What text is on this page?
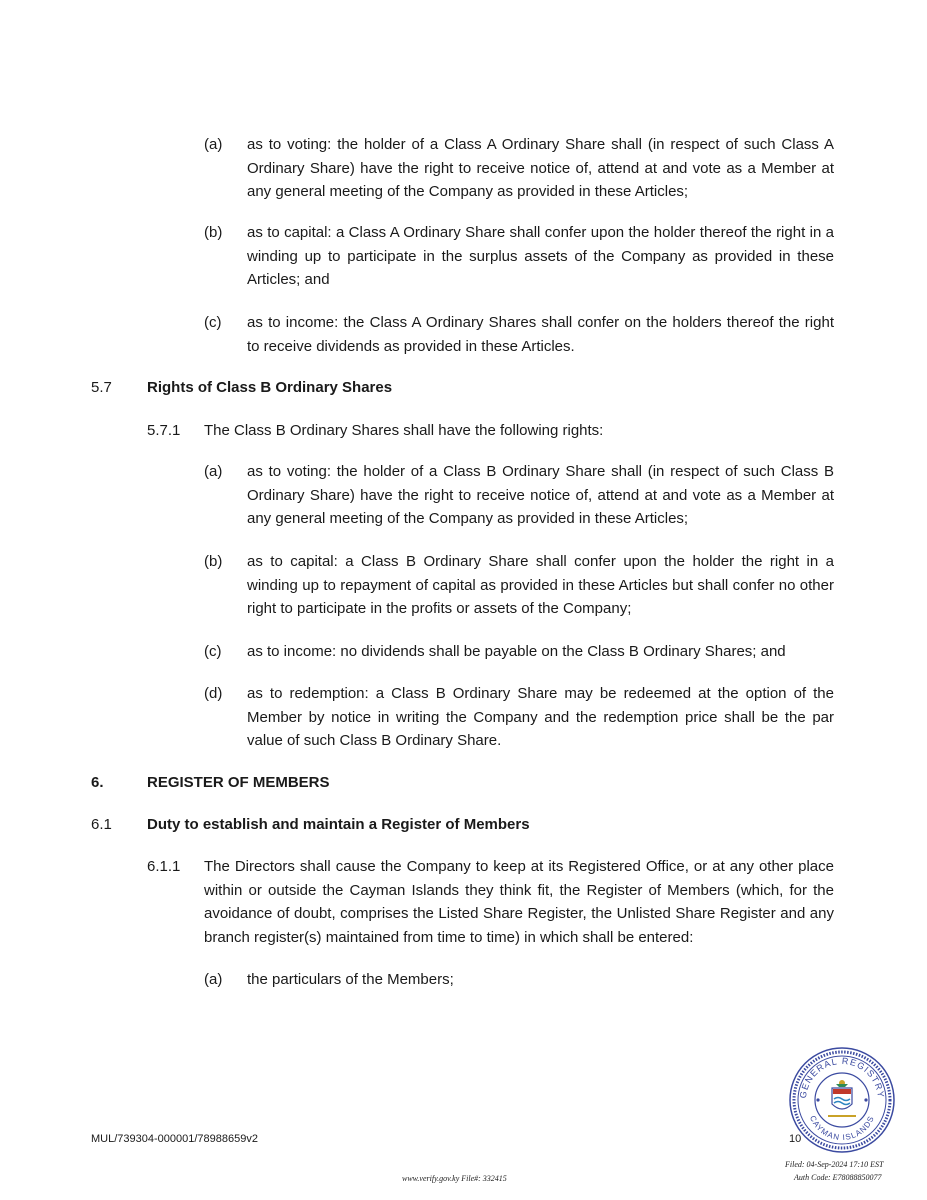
(a) as to voting: the holder of a Class A Ordinary Share shall (in respect of such Class A Ordinary Share) have the right to receive notice of, attend at and vote as a Member at any general meeting of the Company as provided in these Articles;

(b) as to capital: a Class A Ordinary Share shall confer upon the holder thereof the right in a winding up to participate in the surplus assets of the Company as provided in these Articles; and

(c) as to income: the Class A Ordinary Shares shall confer on the holders thereof the right to receive dividends as provided in these Articles.

5.7 Rights of Class B Ordinary Shares
5.7.1 The Class B Ordinary Shares shall have the following rights:
(a) as to voting: the holder of a Class B Ordinary Share shall (in respect of such Class B Ordinary Share) have the right to receive notice of, attend at and vote as a Member at any general meeting of the Company as provided in these Articles;

(b) as to capital: a Class B Ordinary Share shall confer upon the holder the right in a winding up to repayment of capital as provided in these Articles but shall confer no other right to participate in the profits or assets of the Company;

(c) as to income: no dividends shall be payable on the Class B Ordinary Shares; and

(d) as to redemption: a Class B Ordinary Share may be redeemed at the option of the Member by notice in writing the Company and the redemption price shall be the par value of such Class B Ordinary Share.

6.	REGISTER OF MEMBERS
6.1 Duty to establish and maintain a Register of Members
6.1.1 The Directors shall cause the Company to keep at its Registered Office, or at any other place within or outside the Cayman Islands they think fit, the Register of Members (which, for the avoidance of doubt, comprises the Listed Share Register, the Unlisted Share Register and any branch register(s) maintained from time to time) in which shall be entered:

(a) the particulars of the Members;
GENERAL REGISTRY
CAYMAN ISLANDS
MUL/739304-000001/78988659v2	10
Filed: 04-Sep-2024 17:10 EST
Auth Code: E78088850077
www.verify.gov.ky File#: 332415
